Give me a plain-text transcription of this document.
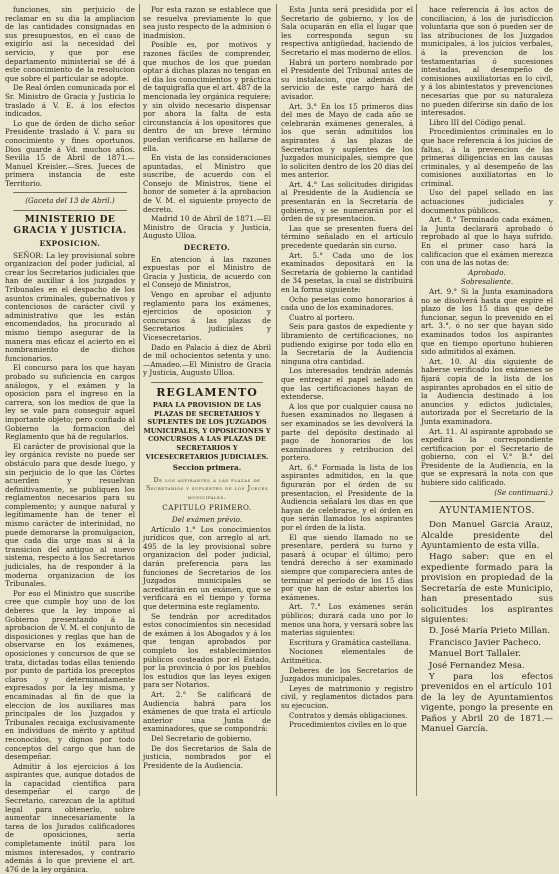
funciones, sin perjuicio de reclamar en su dia la ampliacion de las cantidades consignadas en sus presupuestos, en el caso de exigirlo asi la necesidad del servicio, y que por ese departamento ministerial se dé á este conocimiento de la resolucion que sobre el particular se adopte.

De Real órden comunicada por el Sr. Ministro de Gracia y Justicia lo traslado á V. E. á los efectos indicados.

Lo que de órden de dicho señor Presidente traslado á V. para su conocimiento y fines oportunos. Dios guarde á Vd. muchos años. Sevilla 15 de Abril de 1871.—Manuel Kreisler.—Sres. Jueces de primera instancia de este Territorio.

(Gaceta del 13 de Abril.)

MINISTERIO DE GRACIA Y JUSTICIA.

EXPOSICION.

SEÑOR: La ley provisional sobre organizacion del poder judicial, al crear los Secretarios judiciales que han de auxiliar á los juzgados y Tribunales en el despacho de los asuntos criminales, gubernativos y contenciosos de carácter civil y administrativo que les están encomendados, ha procurado al mismo tiempo asegurar de la manera mas eficaz el acierto en el nombramiento de dichos funcionarios.

El concurso para los que hayan probado su suficiencia en cargos análogos, y el exámen y la oposicion para el ingreso en la carrera, son los medios de que la ley se vale para conseguir aquel importante objeto; pero confiado al Gobierno la formacion del Reglamento que há de regularlos.

El carácter de provisional que la ley orgánica reviste no puede ser obstáculo para que desde luego, y sin perjuicio de lo que las Córtes acuerden y resuelvan definitivamente, se publiquen los reglamentos necesarios para su complemento; y aunque natural y legítimamente han de tener el mismo carácter de interinidad, no puede demorarse la promulgacion, que cada dia urge mas si á la transicion del antiguo al nuevo sistema, respecto á los Secretarios judiciales, ha de responder á la moderna organizacion de los Tribunales.

Por eso el Ministro que suscribe cree que cumple hoy uno de los deberes que la ley impone al Gobierno presentando á la aprobacion de V. M. el conjunto de disposiciones y reglas que han de observarse en los exámenes, oposiciones y concursos de que se trata, dictadas todas ellas teniendo por punto de partida los preceptos claros y determinadamente expresados por la ley misma, y encaminadas al fin de que la eleccion de los auxiliares mas principales de los Juzgados y Tribunales recaiga exclusivamente en individuos de mérito y aptitud reconocidos, y dignos por todo conceptos del cargo que han de desempeñar.

Admitir á los ejercicios á los aspirantes que, aunque dotados de la capacidad científica para desempeñar el cargo de Secretario, carezcan de la aptitud legal para obtenerlo, sobre aumentar innecesariamente la tarea de los Jurados calificadores de oposiciones, seria completamente inútil para los mismos interesados, y contrario además á lo que previene el art. 476 de la ley orgánica.

Por esta razon se establece que se resuelva previamente lo que sea justo respecto de la admision ó inadmision.

Posible es, por motivos y razones fáciles de comprender, que muchos de los que puedan optar á dichas plazas no tengan en el dia los conocimientos y práctica de taquigrafía que el art. 487 de la mencionada ley orgánica requiere; y sin olvido necesario dispensar por ahora la falta de esta circunstancia á los opositores que dentro de un breve término puedan verificarse en hallarse de ella.

En vista de las consideraciones apuntadas, el Ministro que suscribe, de acuerdo con el Consejo de Ministros, tiene el honor de someter á la aprobacion de V. M. el siguiente proyecto de decreto.

Madrid 10 de Abril de 1871.—El Ministro de Gracia y Justicia, Augusto Ulloa.

DECRETO.

En atencion á las razones expuestas por el Ministro de Gracia y Justicia, de acuerdo con el Consejo de Ministros,

Vengo en aprobar el adjunto reglamento para los exámenes, ejercicios de oposicion y concursos á las plazas de Secretarios judiciales y Vicesecretarios.

Dado en Palacio á diez de Abril de mil ochocientos setenta y uno.—Amadeo.—El Ministro de Gracia y Justicia, Augusto Ulloa.

REGLAMENTO

PARA LA PROVISION DE LAS PLAZAS DE SECRETARIOS Y SUPLENTES DE LOS JUZGADOS MUNICIPALES, Y OPOSICIONES Y CONCURSOS A LAS PLAZAS DE SECRETARIOS Y VICESECRETARIOS JUDICIALES.

Seccion primera.

De los aspirantes á las plazas de Secretarios y suplentes de los Jueces municipales.

CAPITULO PRIMERO.

Del exámen prévio.

Artículo 1.° Los conocimientos jurídicos que, con arreglo al art. 495 de la ley provisional sobre organizacion del poder judicial, darán preferencia para las funciones de Secretarios de los Juzgados municipales se acreditarán en un exámen, que se verificará en el tiempo y forma que determina este reglamento.

Se tendrán por acreditados estos conocimientos sin necesidad de exámen á los Abogados y á los que tengan aprobados por completo los establecimientos públicos costeados por el Estado, por la provincia ó por los pueblos los estudios que las leyes exigen para ser Notarios.

Art. 2.° Se calificará de Audiencia habrá para los exámenes de que trata el artículo anterior una Junta de examinadores, que se compondrá:

Del Secretario de gobierno.

De dos Secretarios de Sala de justicia, nombrados por el Presidente de la Audiencia.

Esta Junta será presidida por el Secretario de gobierno, y los de Sala ocuparán en ella el lugar que les corresponda segun su respectiva antigüedad, haciendo de Secretario el mas moderno de ellos.

Habrá un portero nombrado por el Presidente del Tribunal antes de su instalacion, que además del servicio de este cargo hará de avisador.

Art. 3.° En los 15 primeros dias del mes de Mayo de cada año se celebrarán exámenes generales, á los que serán admitidos los aspirantes á las plazas de Secretarios y suplentes de los Juzgados municipales, siempre que lo soliciten dentro de los 20 dias del mes anterior.

Art. 4.° Las solicitudes dirigidas al Presidente de la Audiencia se presentarán en la Secretaría de gobierno, y se numerarán por el órden de su presentacion.

Las que se presenten fuera del término señalado en el artículo precedente quedarán sin curso.

Art. 5.° Cada uno de los examinados depositará en la Secretaría de gobierno la cantidad de 34 pesetas, la cual se distribuirá en la forma siguiente:

Ocho pesetas como honorarios á cada uno de los examinadores.

Cuatro al portero.

Seis para gastos de expediente y libramiento de certificaciones, no pudiendo exigirse por todo ello en la Secretaría de la Audiencia ninguna otra cantidad.

Los interesados tendrán además que entregar el papel sellado en que las certificaciones hayan de extenderse.

A los que por cualquier causa no fuesen examinados no llegasen á ser examinados se les devolverá la parte del depósito destinado al pago de honorarios de los examinadores y retribucion del portero.

Art. 6.° Formada la lista de los aspirantes admitidos, en la que figurarán por el órden de su presentacion, el Presidente de la Audiencia señalará los dias en que hayan de celebrarse, y el órden en que serán llamados los aspirantes por el órden de la lista.

El que siendo llamado no se presentare, perderá su turno y pasará á ocupar el último; pero tendrá derecho á ser examinado siempre que compareciera antes de terminar el período de los 15 dias por que han de estar abiertos los exámenes.

Art. 7.° Los exámenes serán públicos; durará cada uno por lo menos una hora, y versará sobre las materias siguientes:

Escritura y Gramática castellana.

Nociones elementales de Aritmética.

Deberes de los Secretarios de Juzgados municipales.

Leyes de matrimonio y registro civil, y reglamentos dictados para su ejecucion.

Contratos y demás obligaciones.

Procedimientos civiles en lo que

hace referencia á los actos de conciliacion, á los de jurisdiccion voluntaria que son ó pueden ser de las atribuciones de los Juzgados municipales, á los juicios verbales, á la prevencion de los testamentarías ó sucesiones intestadas, al desempeño de comisiones auxiliatorias en lo civil, y á los abintestatos y prevenciones necesarias que por su naturaleza no pueden diferirse sin daño de los interesados.

Libro III del Código penal.

Procedimientos criminales en lo que hace referencia á los juicios de faltas, á la prevencion de las primeras diligencias en las causas criminales, y al desempeño de las comisiones auxiliatorias en lo criminal.

Uso del papel sellado en las actuaciones judiciales y documentos públicos.

Art. 8.° Terminado cada exámen, la Junta declarará aprobado ó reprobado al que lo haya sufrido. En el primer caso hará la calificacion que el exámen merezca con una de las notas de:

Aprobado.

Sobresaliente.

Art. 9.° Si la Junta examinadora no se disolverá hasta que espire el plazo de los 15 dias que debe funcionar, segun lo prevenido en el art. 3.°, ó no ser que hayan sido examinados todos los aspirantes que en tiempo oportuno hubieren sido admitidos al exámen.

Art. 10. Al dia siguiente de haberse verificado los exámenes se fijará copia de la lista de los aspirantes aprobados en el sitio de la Audiencia destinado á los anuncios y edictos judiciales, autorizada por el Secretario de la Junta examinadora.

Art. 11. Al aspirante aprobado se expedirá la correspondiente certificacion por el Secretario de gobierno, con el V.° B.° del Presidente de la Audiencia, en la que se expresará la nota con que hubiere sido calificado.

(Se continuará.)

AYUNTAMIENTOS.

Don Manuel Garcia Arauz, Alcalde presidente del Ayuntamiento de esta villa.

Hago saber: que en el expediente formado para la provision en propiedad de la Secretaría de este Municipio, han presentado sus solicitudes los aspirantes siguientes:

D. José María Prieto Millan.

Francisco Javier Pacheco.

Manuel Bort Tallaler.

José Fernandez Mesa.

Y para los efectos prevenidos en el artículo 101 de la ley de Ayuntamientos vigente, pongo la presente en Paños y Abril 20 de 1871.—Manuel García.
